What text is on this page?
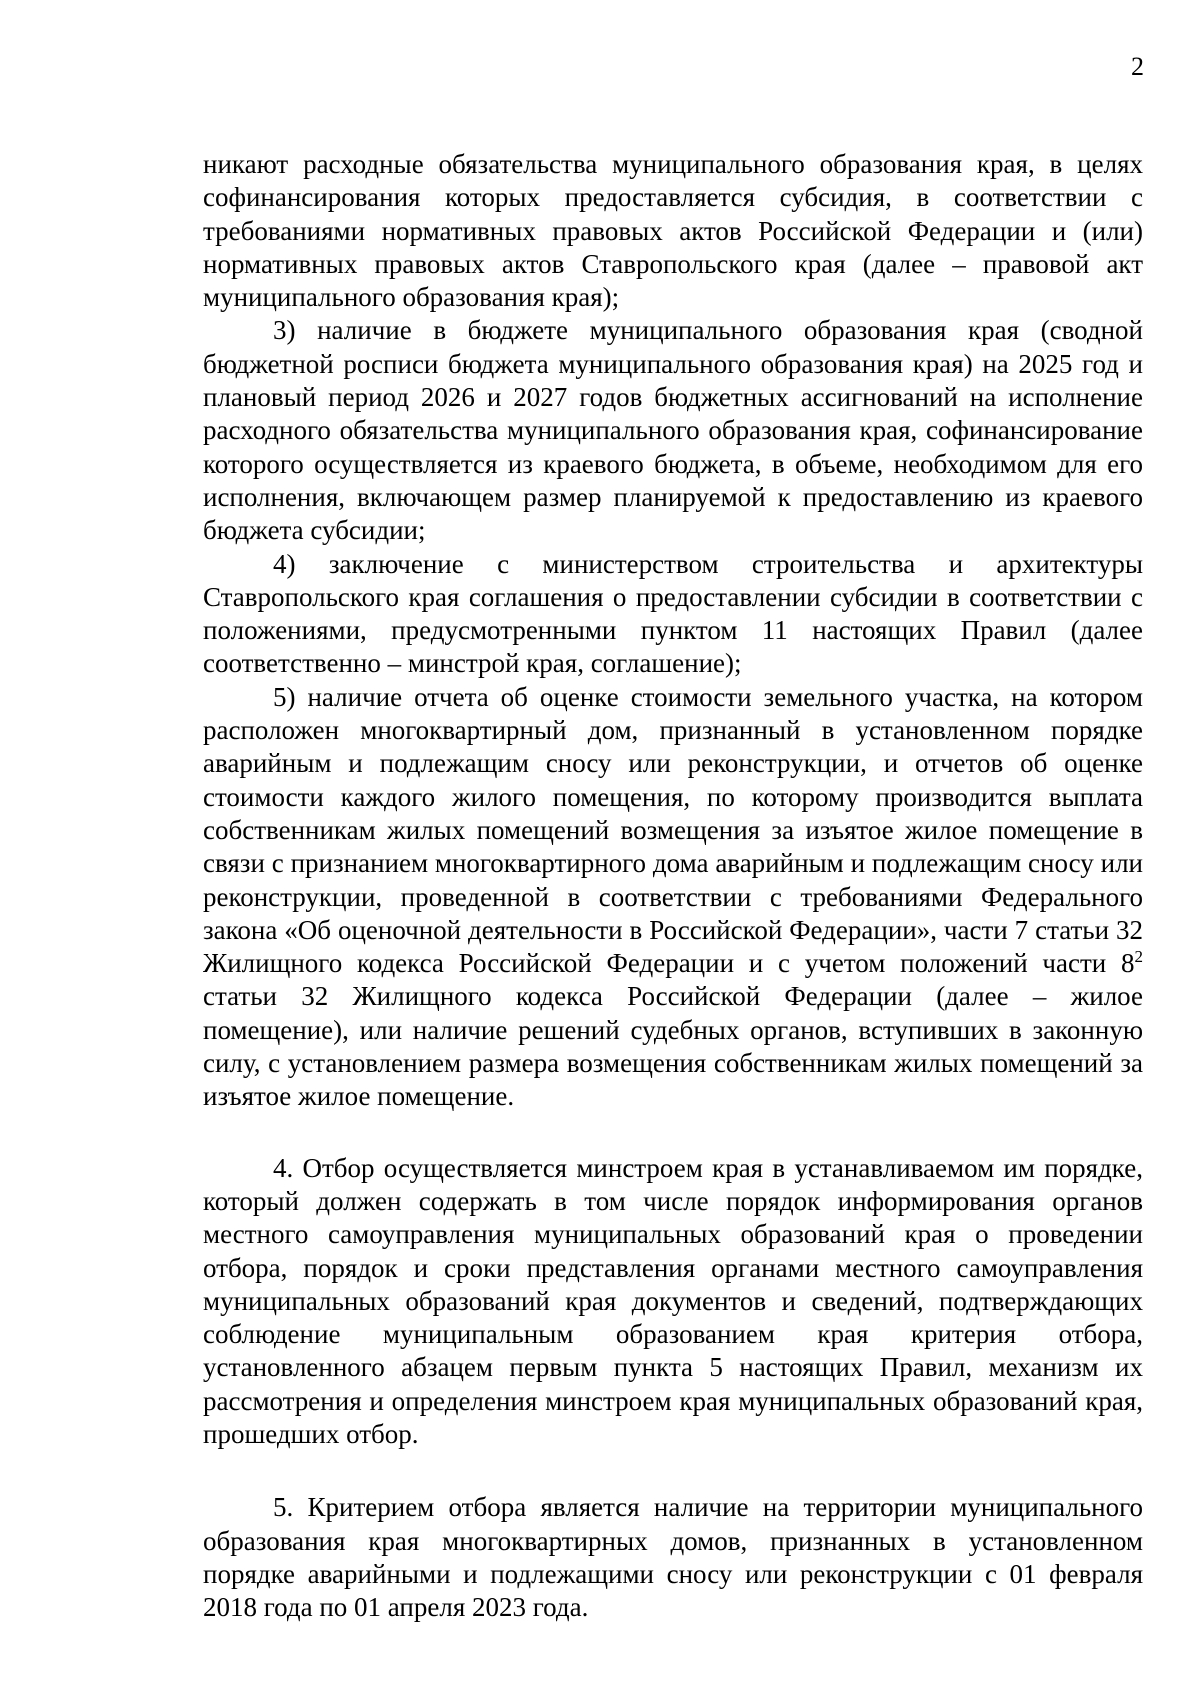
2

никают расходные обязательства муниципального образования края, в целях софинансирования которых предоставляется субсидия, в соответствии с требованиями нормативных правовых актов Российской Федерации и (или) нормативных правовых актов Ставропольского края (далее – правовой акт муниципального образования края);

3) наличие в бюджете муниципального образования края (сводной бюджетной росписи бюджета муниципального образования края) на 2025 год и плановый период 2026 и 2027 годов бюджетных ассигнований на исполнение расходного обязательства муниципального образования края, софинансирование которого осуществляется из краевого бюджета, в объеме, необходимом для его исполнения, включающем размер планируемой к предоставлению из краевого бюджета субсидии;

4) заключение с министерством строительства и архитектуры Ставропольского края соглашения о предоставлении субсидии в соответствии с положениями, предусмотренными пунктом 11 настоящих Правил (далее соответственно – минстрой края, соглашение);

5) наличие отчета об оценке стоимости земельного участка, на котором расположен многоквартирный дом, признанный в установленном порядке аварийным и подлежащим сносу или реконструкции, и отчетов об оценке стоимости каждого жилого помещения, по которому производится выплата собственникам жилых помещений возмещения за изъятое жилое помещение в связи с признанием многоквартирного дома аварийным и подлежащим сносу или реконструкции, проведенной в соответствии с требованиями Федерального закона «Об оценочной деятельности в Российской Федерации», части 7 статьи 32 Жилищного кодекса Российской Федерации и с учетом положений части $8^2$ статьи 32 Жилищного кодекса Российской Федерации (далее – жилое помещение), или наличие решений судебных органов, вступивших в законную силу, с установлением размера возмещения собственникам жилых помещений за изъятое жилое помещение.

4. Отбор осуществляется минстроем края в устанавливаемом им порядке, который должен содержать в том числе порядок информирования органов местного самоуправления муниципальных образований края о проведении отбора, порядок и сроки представления органами местного самоуправления муниципальных образований края документов и сведений, подтверждающих соблюдение муниципальным образованием края критерия отбора, установленного абзацем первым пункта 5 настоящих Правил, механизм их рассмотрения и определения минстроем края муниципальных образований края, прошедших отбор.

5. Критерием отбора является наличие на территории муниципального образования края многоквартирных домов, признанных в установленном порядке аварийными и подлежащими сносу или реконструкции с 01 февраля 2018 года по 01 апреля 2023 года.
